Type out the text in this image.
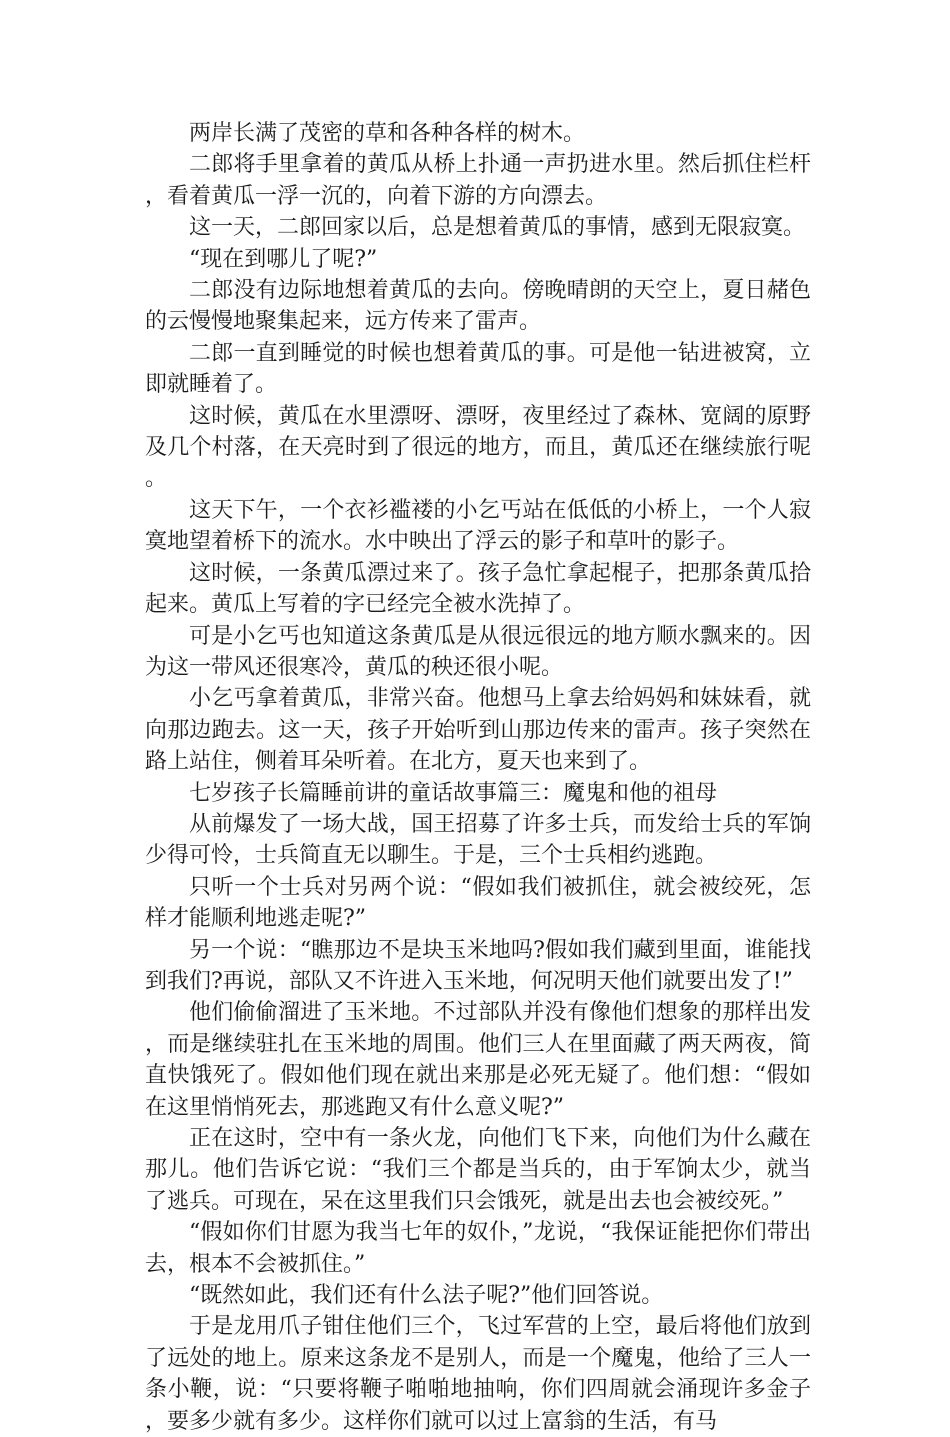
两岸长满了茂密的草和各种各样的树木。

二郎将手里拿着的黄瓜从桥上扑通一声扔进水里。然后抓住栏杆，看着黄瓜一浮一沉的，向着下游的方向漂去。

这一天，二郎回家以后，总是想着黄瓜的事情，感到无限寂寞。

“现在到哪儿了呢?”

二郎没有边际地想着黄瓜的去向。傍晚晴朗的天空上，夏日赭色的云慢慢地聚集起来，远方传来了雷声。

二郎一直到睡觉的时候也想着黄瓜的事。可是他一钻进被窝，立即就睡着了。

这时候，黄瓜在水里漂呀、漂呀，夜里经过了森林、宽阔的原野及几个村落，在天亮时到了很远的地方，而且，黄瓜还在继续旅行呢。

这天下午，一个衣衫褴褛的小乞丐站在低低的小桥上，一个人寂寞地望着桥下的流水。水中映出了浮云的影子和草叶的影子。

这时候，一条黄瓜漂过来了。孩子急忙拿起棍子，把那条黄瓜拾起来。黄瓜上写着的字已经完全被水洗掉了。

可是小乞丐也知道这条黄瓜是从很远很远的地方顺水飘来的。因为这一带风还很寒冷，黄瓜的秧还很小呢。

小乞丐拿着黄瓜，非常兴奋。他想马上拿去给妈妈和妹妹看，就向那边跑去。这一天，孩子开始听到山那边传来的雷声。孩子突然在路上站住，侧着耳朵听着。在北方，夏天也来到了。

七岁孩子长篇睡前讲的童话故事篇三：魔鬼和他的祖母

从前爆发了一场大战，国王招募了许多士兵，而发给士兵的军饷少得可怜，士兵简直无以聊生。于是，三个士兵相约逃跑。

只听一个士兵对另两个说：“假如我们被抓住，就会被绞死，怎样才能顺利地逃走呢?”

另一个说：“瞧那边不是块玉米地吗?假如我们藏到里面，谁能找到我们?再说，部队又不许进入玉米地，何况明天他们就要出发了!”

他们偷偷溜进了玉米地。不过部队并没有像他们想象的那样出发，而是继续驻扎在玉米地的周围。他们三人在里面藏了两天两夜，简直快饿死了。假如他们现在就出来那是必死无疑了。他们想：“假如在这里悄悄死去，那逃跑又有什么意义呢?”

正在这时，空中有一条火龙，向他们飞下来，向他们为什么藏在那儿。他们告诉它说：“我们三个都是当兵的，由于军饷太少，就当了逃兵。可现在，呆在这里我们只会饿死，就是出去也会被绞死。”

“假如你们甘愿为我当七年的奴仆，”龙说，“我保证能把你们带出去，根本不会被抓住。”

“既然如此，我们还有什么法子呢?”他们回答说。

于是龙用爪子钳住他们三个，飞过军营的上空，最后将他们放到了远处的地上。原来这条龙不是别人，而是一个魔鬼，他给了三人一条小鞭，说：“只要将鞭子啪啪地抽响，你们四周就会涌现许多金子，要多少就有多少。这样你们就可以过上富翁的生活，有马
